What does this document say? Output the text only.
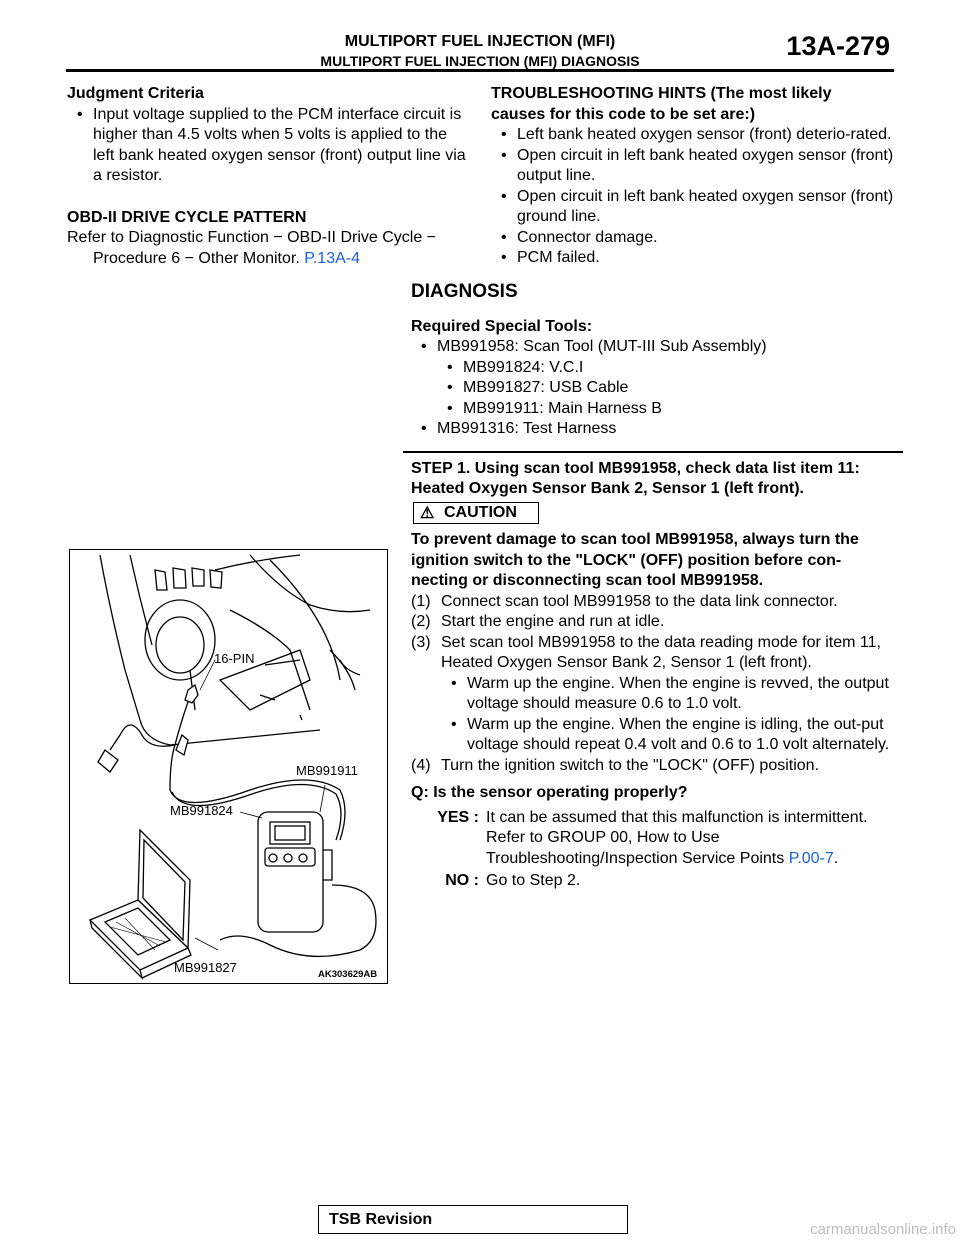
MULTIPORT FUEL INJECTION (MFI)
MULTIPORT FUEL INJECTION (MFI) DIAGNOSIS	13A-279
Judgment Criteria
• Input voltage supplied to the PCM interface circuit is higher than 4.5 volts when 5 volts is applied to the left bank heated oxygen sensor (front) output line via a resistor.
OBD-II DRIVE CYCLE PATTERN
Refer to Diagnostic Function − OBD-II Drive Cycle − Procedure 6 − Other Monitor. P.13A-4
TROUBLESHOOTING HINTS (The most likely causes for this code to be set are:)
• Left bank heated oxygen sensor (front) deterio-rated.
• Open circuit in left bank heated oxygen sensor (front) output line.
• Open circuit in left bank heated oxygen sensor (front) ground line.
• Connector damage.
• PCM failed.
DIAGNOSIS
Required Special Tools:
• MB991958: Scan Tool (MUT-III Sub Assembly)
• MB991824: V.C.I
• MB991827: USB Cable
• MB991911: Main Harness B
• MB991316: Test Harness
STEP 1. Using scan tool MB991958, check data list item 11: Heated Oxygen Sensor Bank 2, Sensor 1 (left front).
⚠ CAUTION
To prevent damage to scan tool MB991958, always turn the ignition switch to the "LOCK" (OFF) position before con-necting or disconnecting scan tool MB991958.
(1) Connect scan tool MB991958 to the data link connector.
(2) Start the engine and run at idle.
(3) Set scan tool MB991958 to the data reading mode for item 11, Heated Oxygen Sensor Bank 2, Sensor 1 (left front).
• Warm up the engine. When the engine is revved, the output voltage should measure 0.6 to 1.0 volt.
• Warm up the engine. When the engine is idling, the out-put voltage should repeat 0.4 volt and 0.6 to 1.0 volt alternately.
(4) Turn the ignition switch to the "LOCK" (OFF) position.
Q: Is the sensor operating properly?
YES : It can be assumed that this malfunction is intermittent. Refer to GROUP 00, How to Use Troubleshooting/Inspection Service Points P.00-7.
NO : Go to Step 2.
16-PIN
MB991911
MB991824
MB991827	AK303629AB
TSB Revision
carmanualsonline.info
